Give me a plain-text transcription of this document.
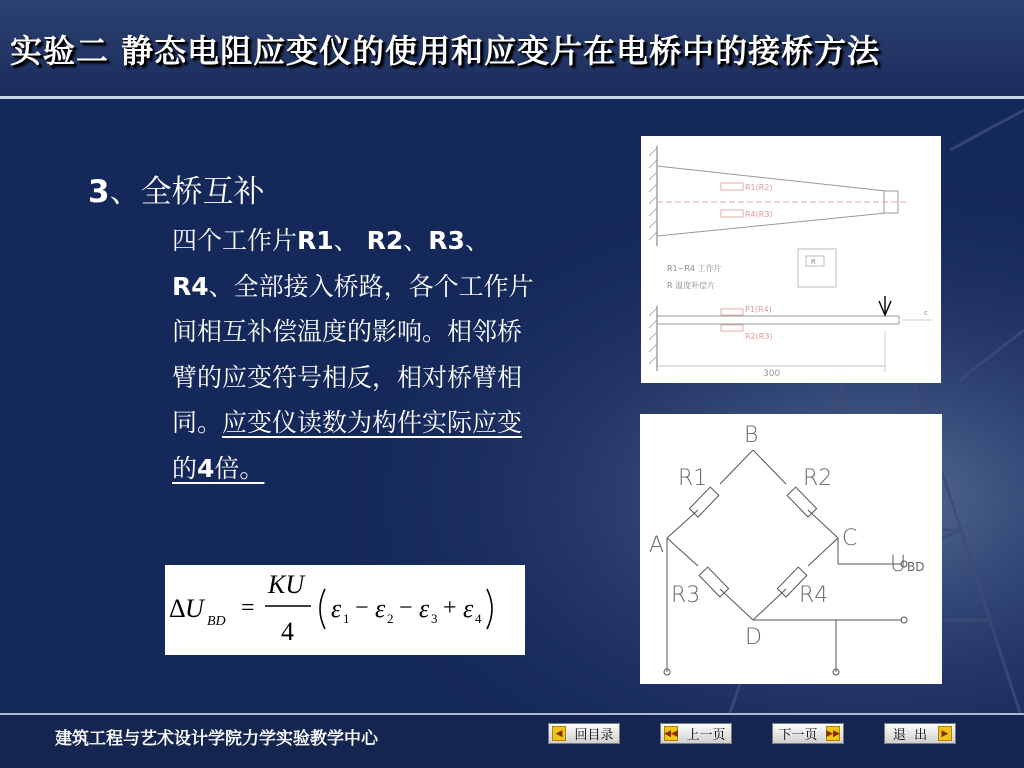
实验二 静态电阻应变仪的使用和应变片在电桥中的接桥方法
3、全桥互补
四个工作片R1、 R2、R3、 R4、全部接入桥路，各个工作片间相互补偿温度的影响。相邻桥臂的应变符号相反，相对桥臂相同。应变仪读数为构件实际应变的4倍。
Δ U BD
=
KU
4
ε 1 − ε 2 − ε 3 + ε 4
R1(R2)
R4(R3)
R1~R4 工作片
R 温度补偿片
R
P1(R4)
R2(R3)
c
300
B
A	C
D
R1	R2
R3	R4
U BD
建筑工程与艺术设计学院力学实验教学中心	◀ 回目录	◀◀ 上一页	下一页 ▶▶	退  出	▶
